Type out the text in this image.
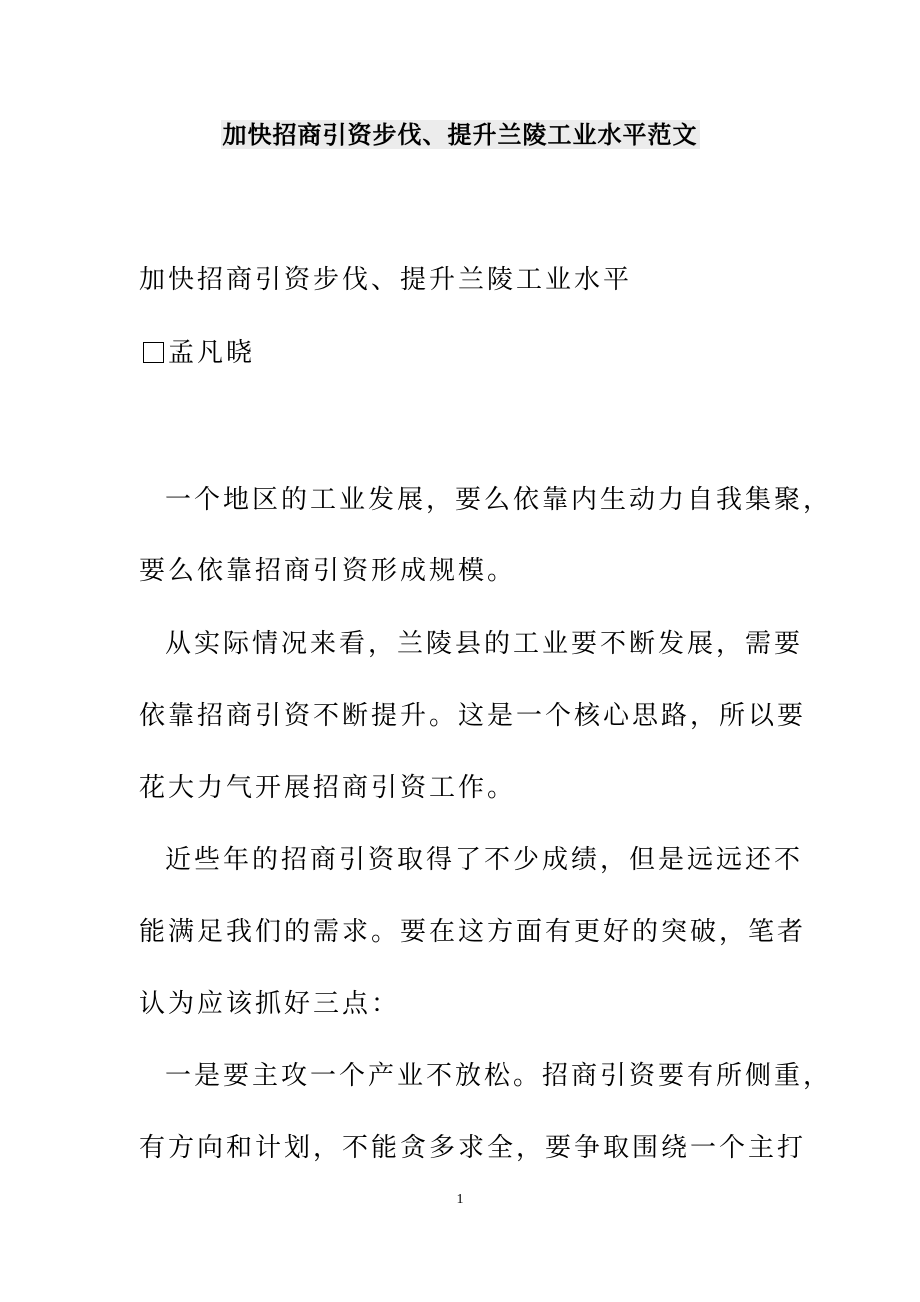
加快招商引资步伐、提升兰陵工业水平范文
加快招商引资步伐、提升兰陵工业水平
孟凡晓
一个地区的工业发展，要么依靠内生动力自我集聚，
要么依靠招商引资形成规模。
从实际情况来看，兰陵县的工业要不断发展，需要
依靠招商引资不断提升。这是一个核心思路，所以要
花大力气开展招商引资工作。
近些年的招商引资取得了不少成绩，但是远远还不
能满足我们的需求。要在这方面有更好的突破，笔者
认为应该抓好三点：
一是要主攻一个产业不放松。招商引资要有所侧重，
有方向和计划，不能贪多求全，要争取围绕一个主打
1
